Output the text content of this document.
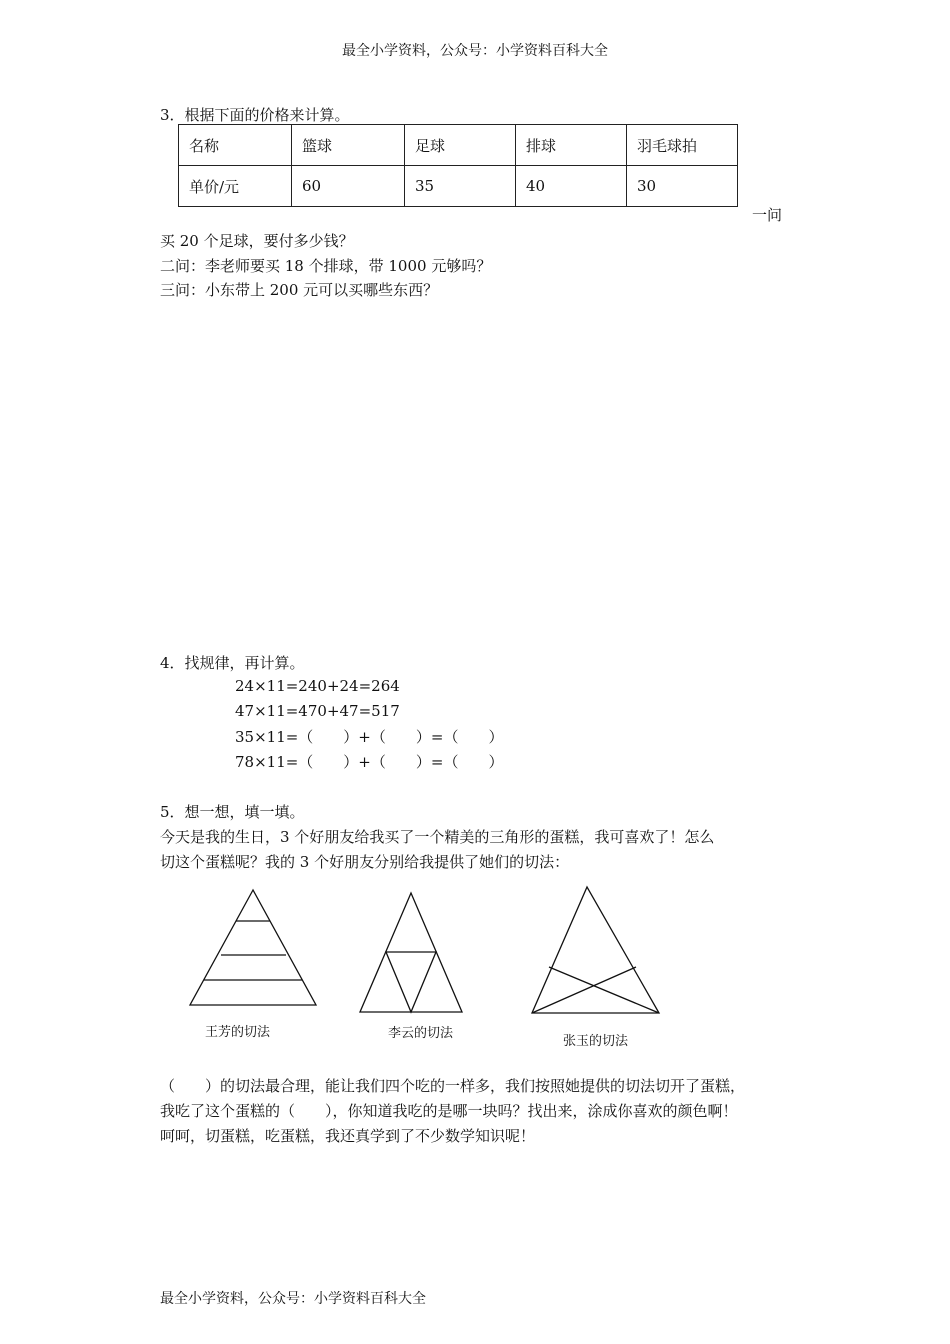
最全小学资料，公众号：小学资料百科大全
3．根据下面的价格来计算。
名称	篮球	足球	排球	羽毛球拍
单价/元	60	35	40	30
一问
买 20 个足球，要付多少钱？
二问：李老师要买 18 个排球，带 1000 元够吗？
三问：小东带上 200 元可以买哪些东西？
4．找规律，再计算。
24×11=240+24=264
47×11=470+47=517
35×11=（　　）+（　　）=（　　）
78×11=（　　）+（　　）=（　　）
5．想一想，填一填。
今天是我的生日，3 个好朋友给我买了一个精美的三角形的蛋糕，我可喜欢了！怎么
切这个蛋糕呢？我的 3 个好朋友分别给我提供了她们的切法：
王芳的切法	李云的切法
张玉的切法
（　　）的切法最合理，能让我们四个吃的一样多，我们按照她提供的切法切开了蛋糕，
我吃了这个蛋糕的（　　），你知道我吃的是哪一块吗？找出来，涂成你喜欢的颜色啊！
呵呵，切蛋糕，吃蛋糕，我还真学到了不少数学知识呢！
最全小学资料，公众号：小学资料百科大全
